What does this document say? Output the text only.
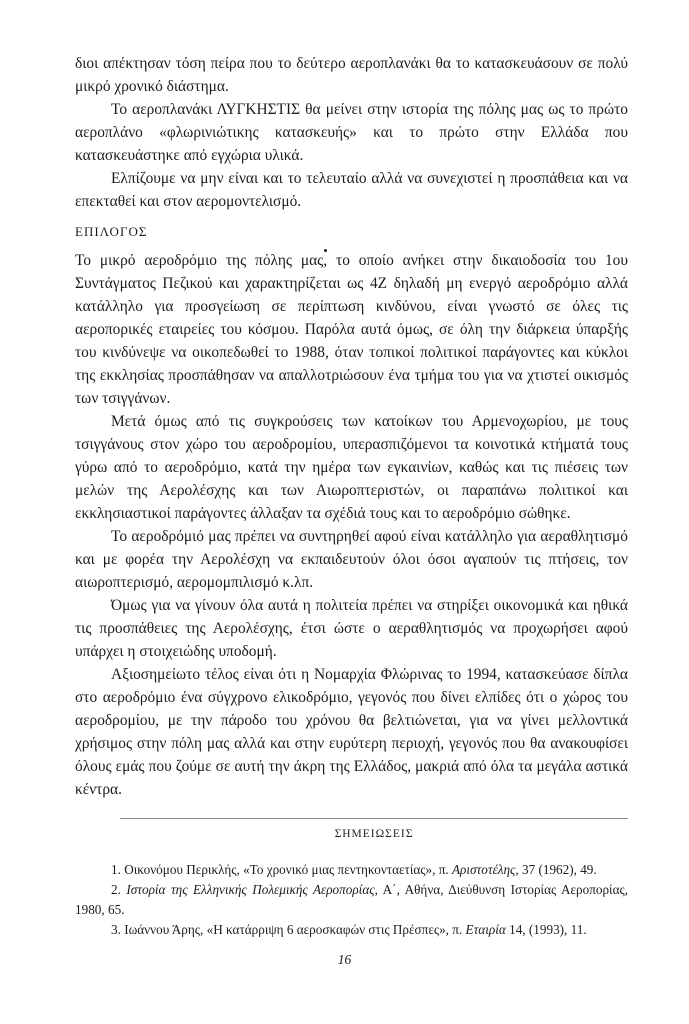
διοι απέκτησαν τόση πείρα που το δεύτερο αεροπλανάκι θα το κατασκευάσουν σε πολύ μικρό χρονικό διάστημα.

Το αεροπλανάκι ΛΥΓΚΗΣΤΙΣ θα μείνει στην ιστορία της πόλης μας ως το πρώτο αεροπλάνο «φλωρινιώτικης κατασκευής» και το πρώτο στην Ελλάδα που κατασκευάστηκε από εγχώρια υλικά.

Ελπίζουμε να μην είναι και το τελευταίο αλλά να συνεχιστεί η προσπάθεια και να επεκταθεί και στον αερομοντελισμό.

ΕΠΙΛΟΓΟΣ

Το μικρό αεροδρόμιο της πόλης μας, το οποίο ανήκει στην δικαιοδοσία του 1ου Συντάγματος Πεζικού και χαρακτηρίζεται ως 4Ζ δηλαδή μη ενεργό αεροδρόμιο αλλά κατάλληλο για προσγείωση σε περίπτωση κινδύνου, είναι γνωστό σε όλες τις αεροπορικές εταιρείες του κόσμου. Παρόλα αυτά όμως, σε όλη την διάρκεια ύπαρξής του κινδύνεψε να οικοπεδωθεί το 1988, όταν τοπικοί πολιτικοί παράγοντες και κύκλοι της εκκλησίας προσπάθησαν να απαλλοτριώσουν ένα τμήμα του για να χτιστεί οικισμός των τσιγγάνων.

Μετά όμως από τις συγκρούσεις των κατοίκων του Αρμενοχωρίου, με τους τσιγγάνους στον χώρο του αεροδρομίου, υπερασπιζόμενοι τα κοινοτικά κτήματά τους γύρω από το αεροδρόμιο, κατά την ημέρα των εγκαινίων, καθώς και τις πιέσεις των μελών της Αερολέσχης και των Αιωροπτεριστών, οι παραπάνω πολιτικοί και εκκλησιαστικοί παράγοντες άλλαξαν τα σχέδιά τους και το αεροδρόμιο σώθηκε.

Το αεροδρόμιό μας πρέπει να συντηρηθεί αφού είναι κατάλληλο για αεραθλητισμό και με φορέα την Αερολέσχη να εκπαιδευτούν όλοι όσοι αγαπούν τις πτήσεις, τον αιωροπτερισμό, αερομομπιλισμό κ.λπ.

Όμως για να γίνουν όλα αυτά η πολιτεία πρέπει να στηρίξει οικονομικά και ηθικά τις προσπάθειες της Αερολέσχης, έτσι ώστε ο αεραθλητισμός να προχωρήσει αφού υπάρχει η στοιχειώδης υποδομή.

Αξιοσημείωτο τέλος είναι ότι η Νομαρχία Φλώρινας το 1994, κατασκεύασε δίπλα στο αεροδρόμιο ένα σύγχρονο ελικοδρόμιο, γεγονός που δίνει ελπίδες ότι ο χώρος του αεροδρομίου, με την πάροδο του χρόνου θα βελτιώνεται, για να γίνει μελλοντικά χρήσιμος στην πόλη μας αλλά και στην ευρύτερη περιοχή, γεγονός που θα ανακουφίσει όλους εμάς που ζούμε σε αυτή την άκρη της Ελλάδος, μακριά από όλα τα μεγάλα αστικά κέντρα.

ΣΗΜΕΙΩΣΕΙΣ

1. Οικονόμου Περικλής, «Το χρονικό μιας πεντηκονταετίας», π. Αριστοτέλης, 37 (1962), 49.

2. Ιστορία της Ελληνικής Πολεμικής Αεροπορίας, Α΄, Αθήνα, Διεύθυνση Ιστορίας Αεροπορίας, 1980, 65.

3. Ιωάννου Άρης, «Η κατάρριψη 6 αεροσκαφών στις Πρέσπες», π. Εταιρία 14, (1993), 11.

16
